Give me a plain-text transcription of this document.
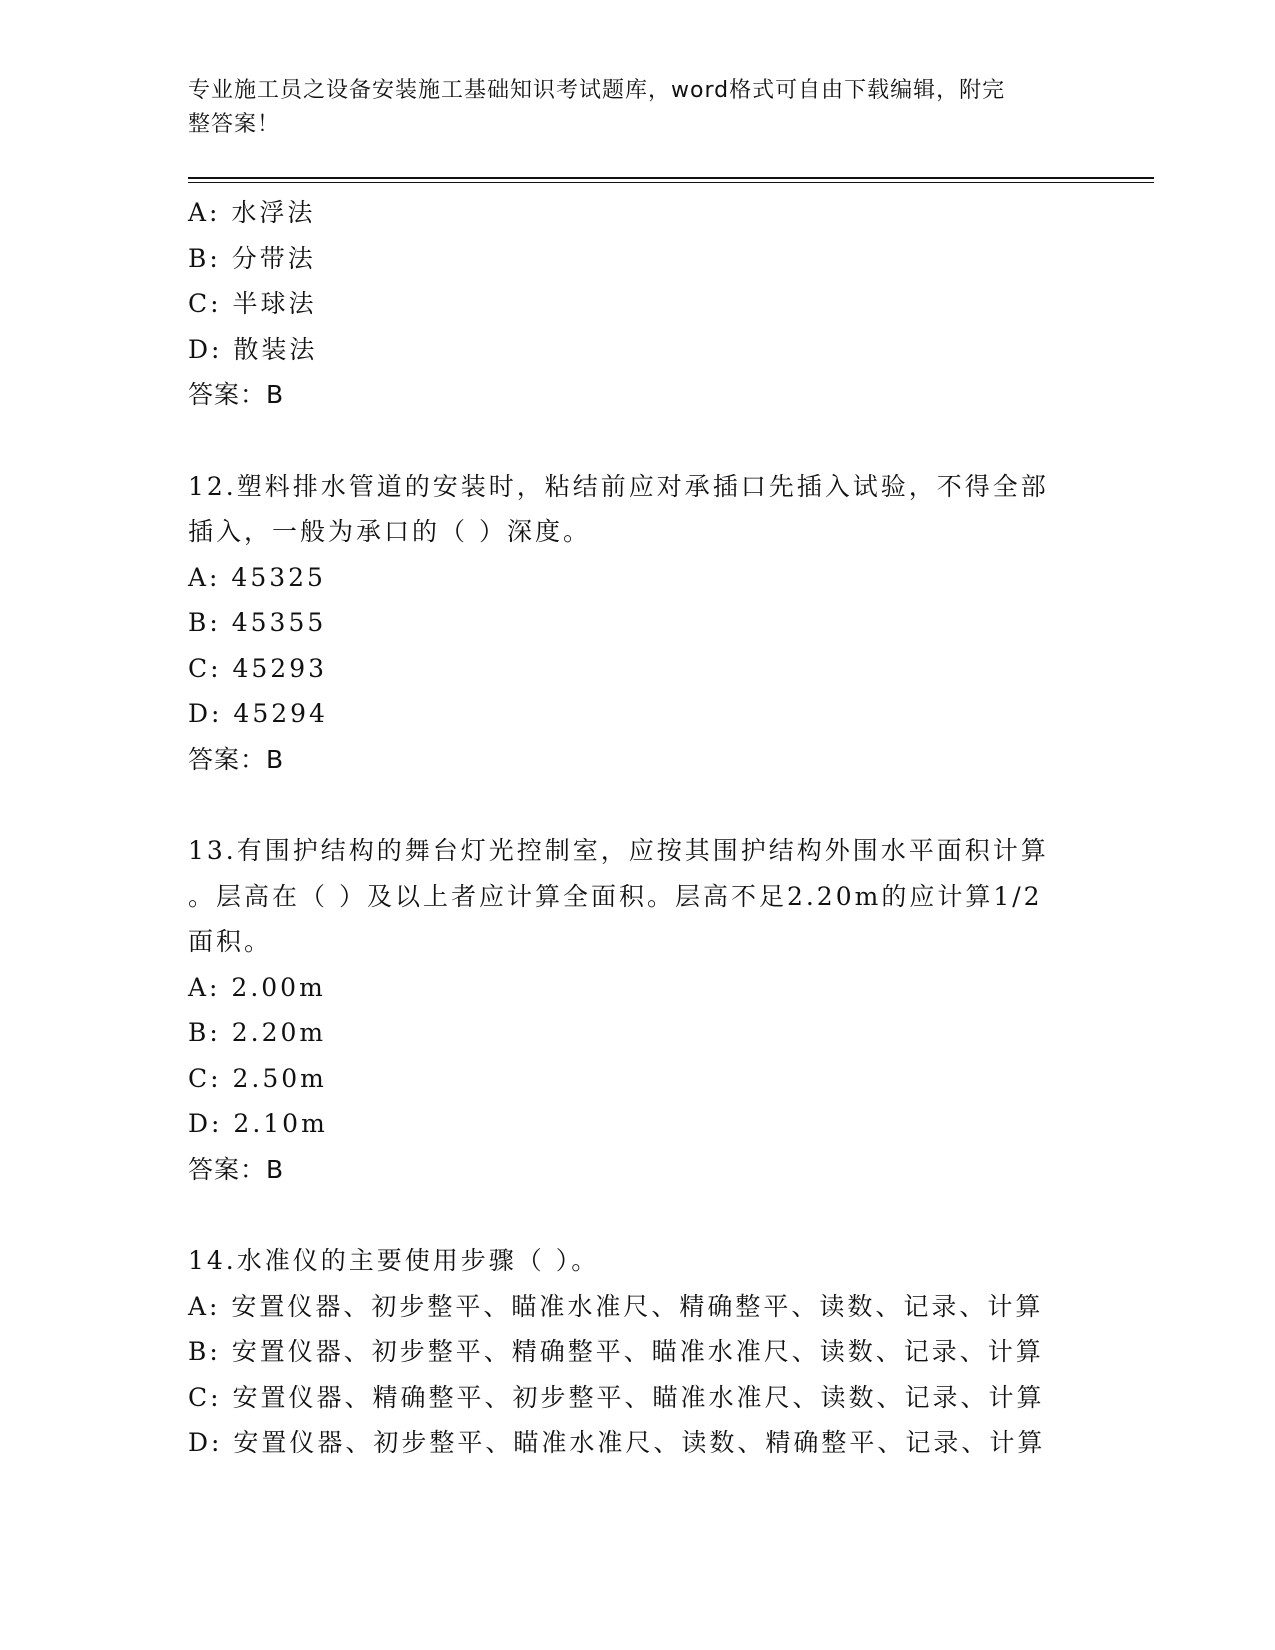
专业施工员之设备安装施工基础知识考试题库，word格式可自由下载编辑，附完
整答案！
A: 水浮法
B: 分带法
C: 半球法
D: 散装法
答案：B
12.塑料排水管道的安装时，粘结前应对承插口先插入试验，不得全部
插入，一般为承口的（ ）深度。
A: 45325
B: 45355
C: 45293
D: 45294
答案：B
13.有围护结构的舞台灯光控制室，应按其围护结构外围水平面积计算
。层高在（ ）及以上者应计算全面积。层高不足2.20m的应计算1/2
面积。
A: 2.00m
B: 2.20m
C: 2.50m
D: 2.10m
答案：B
14.水准仪的主要使用步骤（ ）。
A: 安置仪器、初步整平、瞄准水准尺、精确整平、读数、记录、计算
B: 安置仪器、初步整平、精确整平、瞄准水准尺、读数、记录、计算
C: 安置仪器、精确整平、初步整平、瞄准水准尺、读数、记录、计算
D: 安置仪器、初步整平、瞄准水准尺、读数、精确整平、记录、计算
